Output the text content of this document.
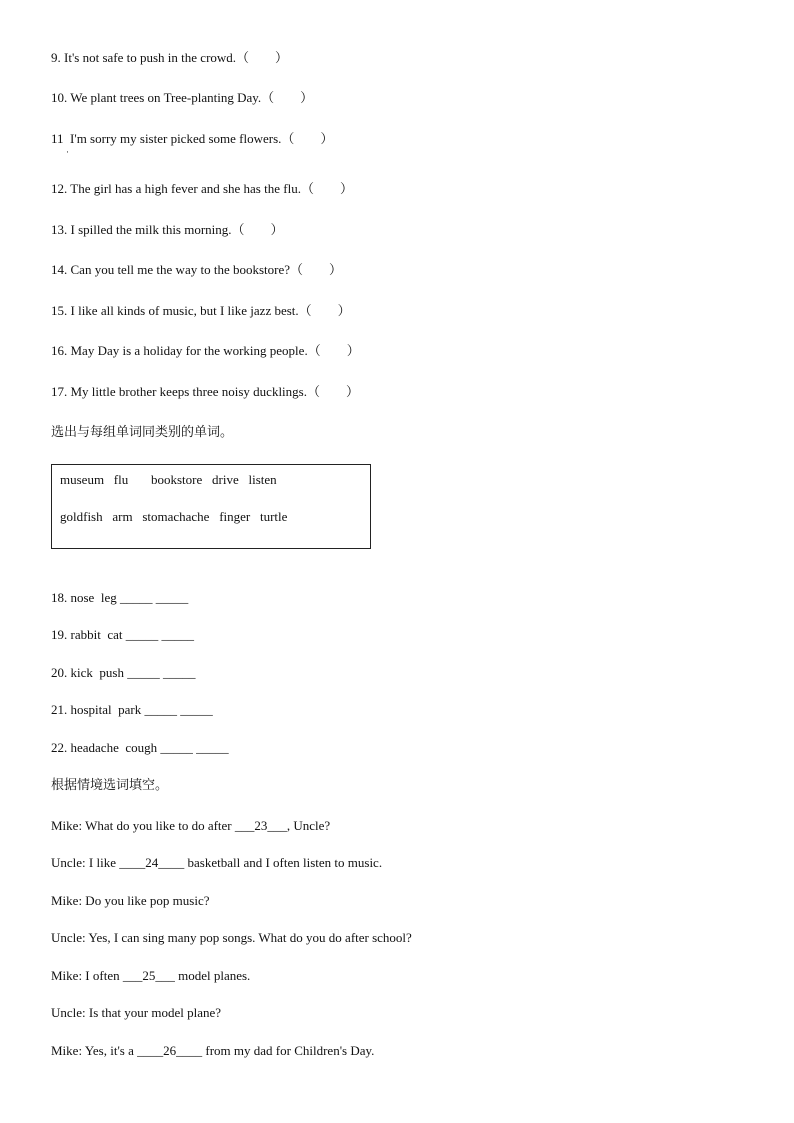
9. It's not safe to push in the crowd.（　　）
10. We plant trees on Tree-planting Day.（　　）
11  I'm sorry my sister picked some flowers.（　　）
·
12. The girl has a high fever and she has the flu.（　　）
13. I spilled the milk this morning.（　　）
14. Can you tell me the way to the bookstore?（　　）
15. I like all kinds of music, but I like jazz best.（　　）
16. May Day is a holiday for the working people.（　　）
17. My little brother keeps three noisy ducklings.（　　）
选出与每组单词同类别的单词。
museum   flu       bookstore   drive   listen
goldfish   arm   stomachache   finger   turtle
18. nose  leg _____ _____
19. rabbit  cat _____ _____
20. kick  push _____ _____
21. hospital  park _____ _____
22. headache  cough _____ _____
根据情境选词填空。
Mike: What do you like to do after ___23___, Uncle?
Uncle: I like ____24____ basketball and I often listen to music.
Mike: Do you like pop music?
Uncle: Yes, I can sing many pop songs. What do you do after school?
Mike: I often ___25___ model planes.
Uncle: Is that your model plane?
Mike: Yes, it's a ____26____ from my dad for Children's Day.
